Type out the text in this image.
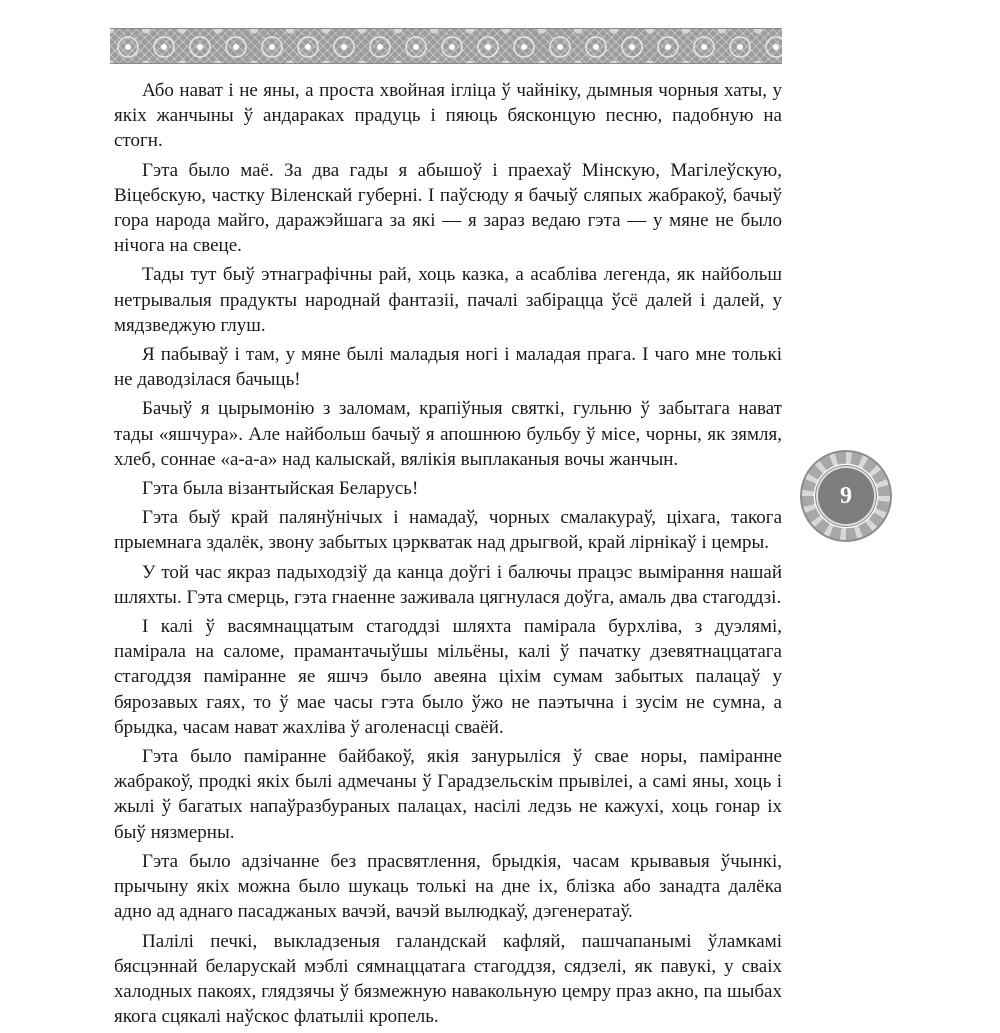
Або нават і не яны, а проста хвойная іглiца ў чайніку, дымныя чорныя хаты, у якіх жанчыны ў андараках прадуць і пяюць бясконцую песню, падобную на стогн.

Гэта было маё. За два гады я абышоў і праехаў Мінскую, Магілеўскую, Віцебскую, частку Віленскай губерні. І паўсюду я бачыў сляпых жабракоў, бачыў гора народа майго, даражэйшага за які — я зараз ведаю гэта — у мяне не было нічога на свеце.

Тады тут быў этнаграфічны рай, хоць казка, а асабліва легенда, як найбольш нетрывалыя прадукты народнай фантазіі, пачалі забірацца ўсё далей і далей, у мядзведжую глуш.

Я пабываў і там, у мяне былі маладыя ногі і маладая прага. І чаго мне толькі не даводзілася бачыць!

Бачыў я цырымонію з заломам, крапіўныя святкі, гульню ў забытага нават тады «яшчура». Але найбольш бачыў я апошнюю бульбу ў місе, чорны, як зямля, хлеб, соннае «а-а-а» над калыскай, вялікія выплаканыя вочы жанчын.

Гэта была візантыйская Беларусь!

Гэта быў край палянўнічых і намадаў, чорных смалакураў, ціхага, такога прыемнага здалёк, звону забытых цэркватак над дрыгвой, край лірнікаў і цемры.

У той час якраз падыходзіў да канца доўгі і балючы працэс вымірання нашай шляхты. Гэта смерць, гэта гнаенне заживала цягнулася доўга, амаль два стагоддзі.

І калі ў васямнаццатым стагоддзі шляхта памірала бурхліва, з дуэлямі, памірала на саломе, прамантачыўшы мільёны, калі ў пачатку дзевятнаццатага стагоддзя паміранне яе яшчэ было авеяна ціхім сумам забытых палацаў у бярозавых гаях, то ў мае часы гэта было ўжо не паэтычна і зусім не сумна, а брыдка, часам нават жахліва ў аголенасці сваёй.

Гэта было паміранне байбакоў, якія занурыліся ў свае норы, паміранне жабракоў, продкі якіх былі адмечаны ў Гарадзельскім прывілеі, а самі яны, хоць і жылі ў багатых напаўразбураных палацах, насілі ледзь не кажухі, хоць гонар іх быў нязмерны.

Гэта было адзічанне без прасвятлення, брыдкія, часам крывавыя ўчынкі, прычыну якіх можна было шукаць толькі на дне іх, блізка або занадта далёка адно ад аднаго пасаджаных вачэй, вачэй вылюдкаў, дэгенератаў.

Палілі печкі, выкладзеныя галандскай кафляй, пашчапанымі ўламкамі бясцэннай беларускай мэблі сямнаццатага стагоддзя, сядзелі, як павукі, у сваіх халодных пакоях, глядзячы ў бязмежную навакольную цемру праз акно, па шыбах якога сцякалі наўскос флатыліі кропель.

9
